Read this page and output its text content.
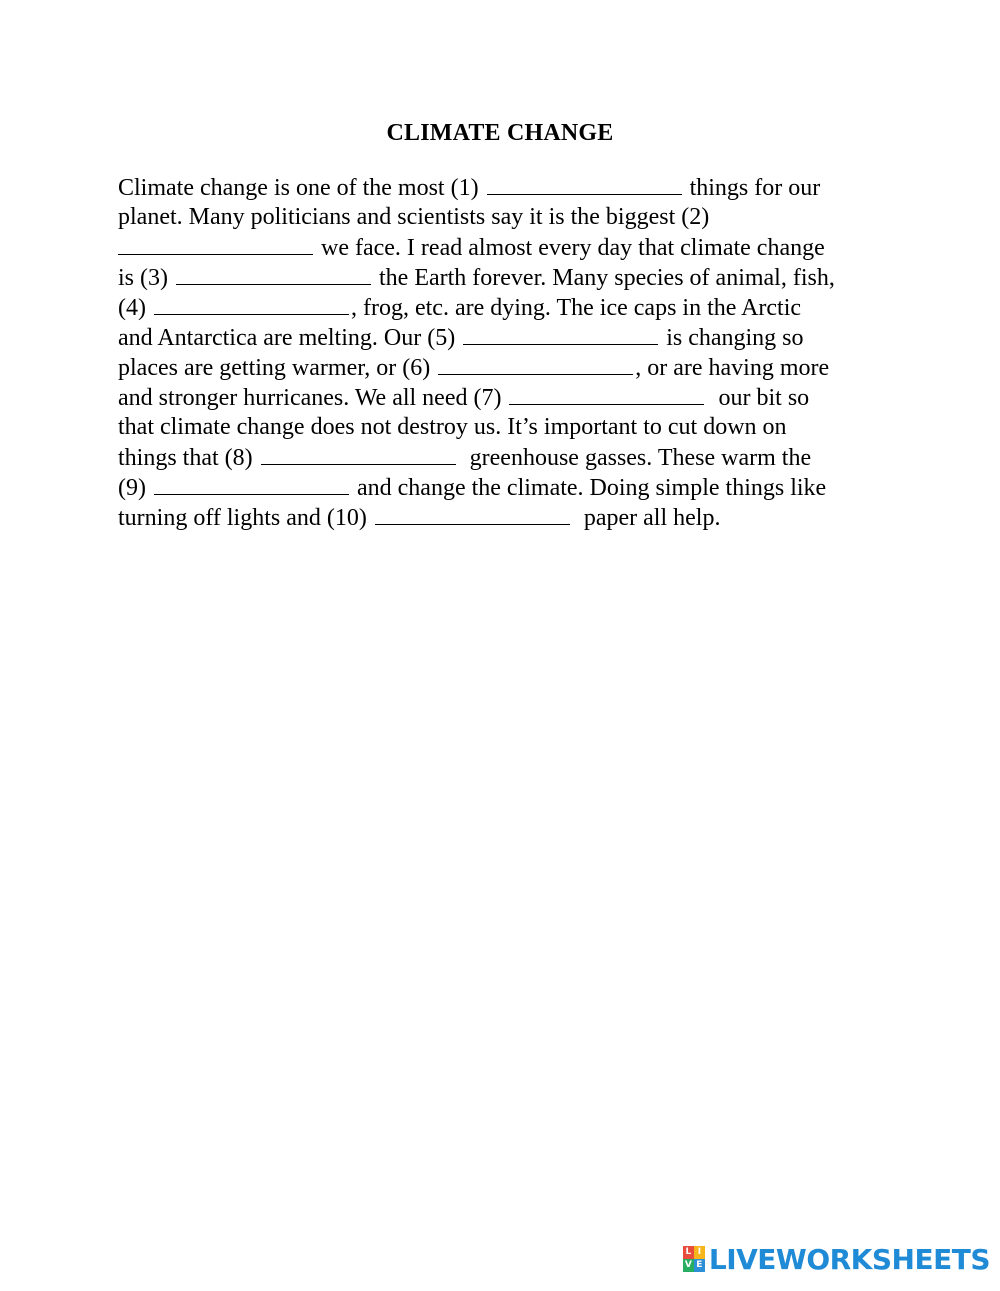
CLIMATE CHANGE
Climate change is one of the most (1)	things for our
planet. Many politicians and scientists say it is the biggest (2)
we face. I read almost every day that climate change
is (3)	the Earth forever. Many species of animal, fish,
(4)	, frog, etc. are dying. The ice caps in the Arctic
and Antarctica are melting. Our (5)	is changing so
places are getting warmer, or (6)	, or are having more
and stronger hurricanes. We all need (7)	our bit so
that climate change does not destroy us. It’s important to cut down on
things that (8)	greenhouse gasses. These warm the
(9)	and change the climate. Doing simple things like
turning off lights and (10)	paper all help.
L I
V E LIVEWORKSHEETS
